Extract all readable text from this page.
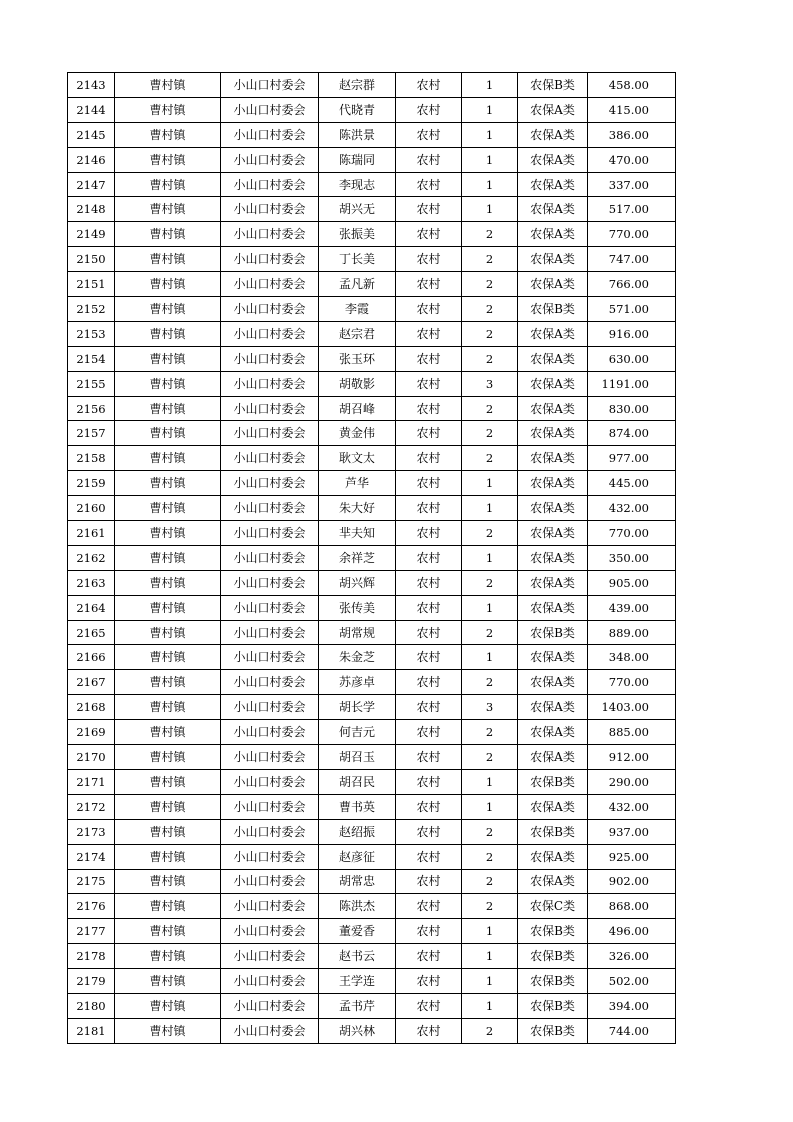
2143	曹村镇	小山口村委会	赵宗群	农村	1	农保B类	458.00
2144	曹村镇	小山口村委会	代晓青	农村	1	农保A类	415.00
2145	曹村镇	小山口村委会	陈洪景	农村	1	农保A类	386.00
2146	曹村镇	小山口村委会	陈瑞同	农村	1	农保A类	470.00
2147	曹村镇	小山口村委会	李现志	农村	1	农保A类	337.00
2148	曹村镇	小山口村委会	胡兴无	农村	1	农保A类	517.00
2149	曹村镇	小山口村委会	张振美	农村	2	农保A类	770.00
2150	曹村镇	小山口村委会	丁长美	农村	2	农保A类	747.00
2151	曹村镇	小山口村委会	孟凡新	农村	2	农保A类	766.00
2152	曹村镇	小山口村委会	李霞	农村	2	农保B类	571.00
2153	曹村镇	小山口村委会	赵宗君	农村	2	农保A类	916.00
2154	曹村镇	小山口村委会	张玉环	农村	2	农保A类	630.00
2155	曹村镇	小山口村委会	胡敬影	农村	3	农保A类	1191.00
2156	曹村镇	小山口村委会	胡召峰	农村	2	农保A类	830.00
2157	曹村镇	小山口村委会	黄金伟	农村	2	农保A类	874.00
2158	曹村镇	小山口村委会	耿文太	农村	2	农保A类	977.00
2159	曹村镇	小山口村委会	芦华	农村	1	农保A类	445.00
2160	曹村镇	小山口村委会	朱大好	农村	1	农保A类	432.00
2161	曹村镇	小山口村委会	芈夫知	农村	2	农保A类	770.00
2162	曹村镇	小山口村委会	余祥芝	农村	1	农保A类	350.00
2163	曹村镇	小山口村委会	胡兴辉	农村	2	农保A类	905.00
2164	曹村镇	小山口村委会	张传美	农村	1	农保A类	439.00
2165	曹村镇	小山口村委会	胡常规	农村	2	农保B类	889.00
2166	曹村镇	小山口村委会	朱金芝	农村	1	农保A类	348.00
2167	曹村镇	小山口村委会	苏彦卓	农村	2	农保A类	770.00
2168	曹村镇	小山口村委会	胡长学	农村	3	农保A类	1403.00
2169	曹村镇	小山口村委会	何吉元	农村	2	农保A类	885.00
2170	曹村镇	小山口村委会	胡召玉	农村	2	农保A类	912.00
2171	曹村镇	小山口村委会	胡召民	农村	1	农保B类	290.00
2172	曹村镇	小山口村委会	曹书英	农村	1	农保A类	432.00
2173	曹村镇	小山口村委会	赵绍振	农村	2	农保B类	937.00
2174	曹村镇	小山口村委会	赵彦征	农村	2	农保A类	925.00
2175	曹村镇	小山口村委会	胡常忠	农村	2	农保A类	902.00
2176	曹村镇	小山口村委会	陈洪杰	农村	2	农保C类	868.00
2177	曹村镇	小山口村委会	董爱香	农村	1	农保B类	496.00
2178	曹村镇	小山口村委会	赵书云	农村	1	农保B类	326.00
2179	曹村镇	小山口村委会	王学连	农村	1	农保B类	502.00
2180	曹村镇	小山口村委会	孟书芹	农村	1	农保B类	394.00
2181	曹村镇	小山口村委会	胡兴林	农村	2	农保B类	744.00
